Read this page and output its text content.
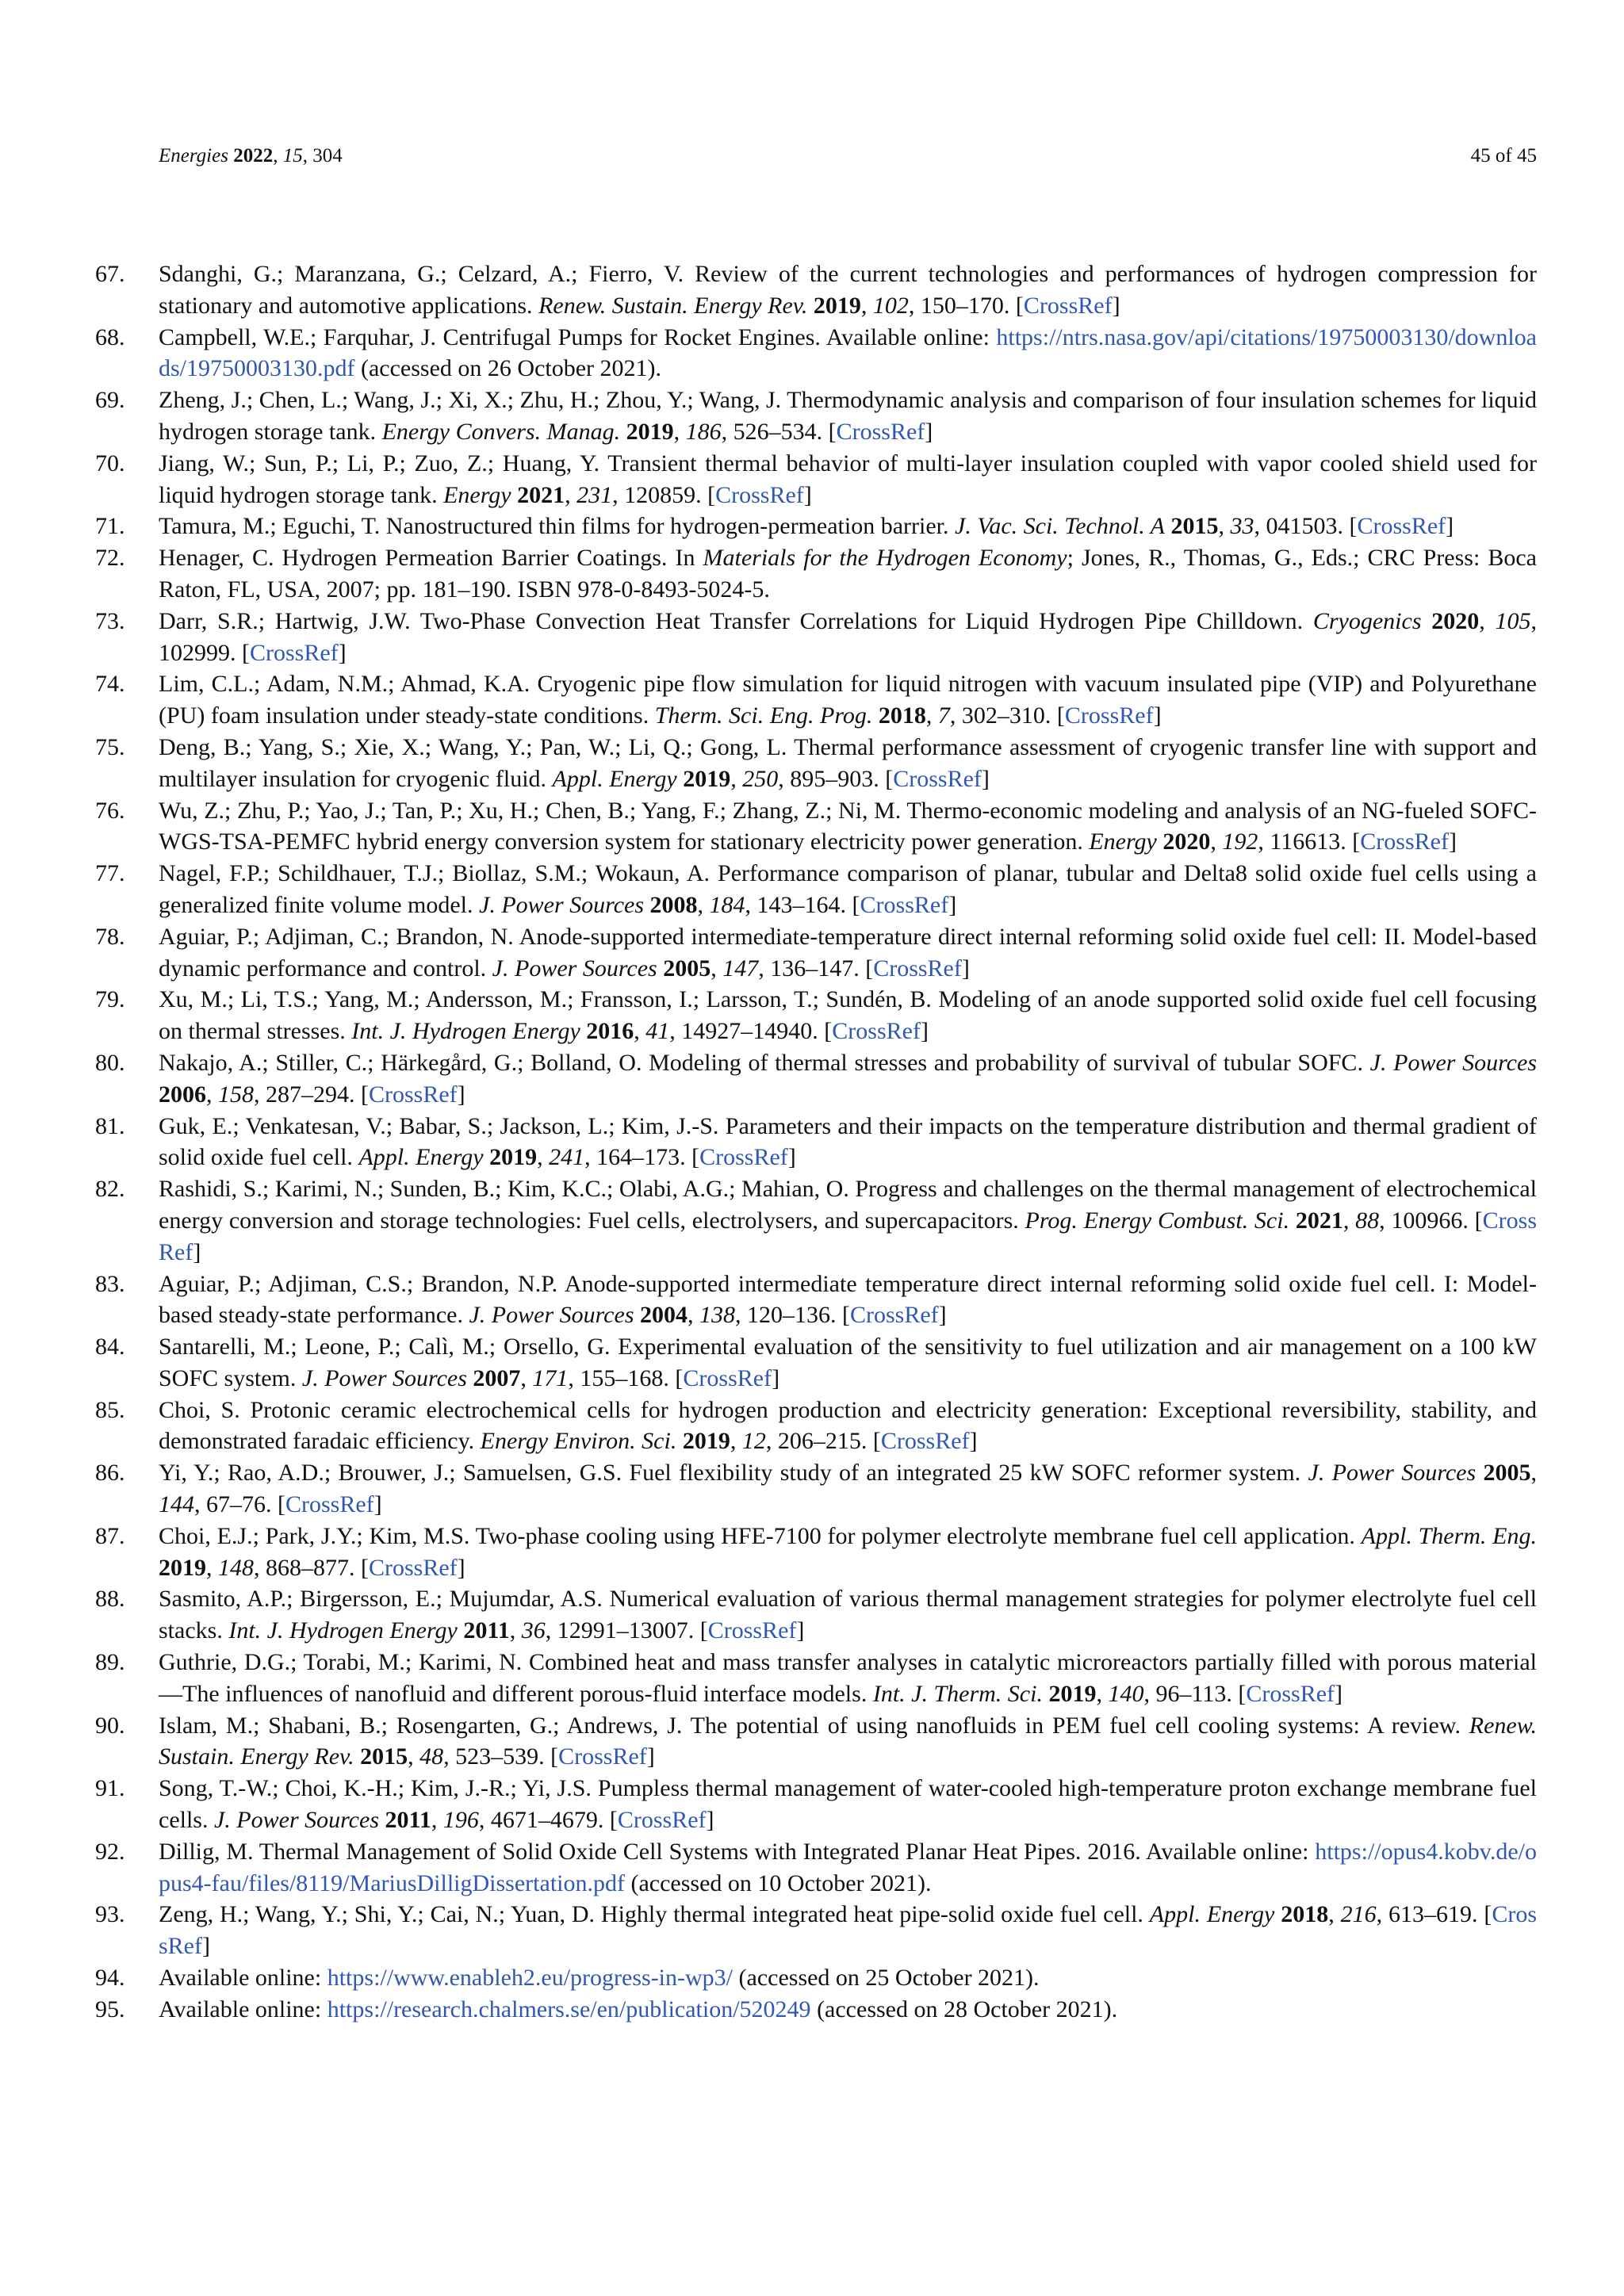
Energies 2022, 15, 304	45 of 45
67.	Sdanghi, G.; Maranzana, G.; Celzard, A.; Fierro, V. Review of the current technologies and performances of hydrogen compression for stationary and automotive applications. Renew. Sustain. Energy Rev. 2019, 102, 150–170. [CrossRef]
68.	Campbell, W.E.; Farquhar, J. Centrifugal Pumps for Rocket Engines. Available online: https://ntrs.nasa.gov/api/citations/19750003130/downloads/19750003130.pdf (accessed on 26 October 2021).
69.	Zheng, J.; Chen, L.; Wang, J.; Xi, X.; Zhu, H.; Zhou, Y.; Wang, J. Thermodynamic analysis and comparison of four insulation schemes for liquid hydrogen storage tank. Energy Convers. Manag. 2019, 186, 526–534. [CrossRef]
70.	Jiang, W.; Sun, P.; Li, P.; Zuo, Z.; Huang, Y. Transient thermal behavior of multi-layer insulation coupled with vapor cooled shield used for liquid hydrogen storage tank. Energy 2021, 231, 120859. [CrossRef]
71.	Tamura, M.; Eguchi, T. Nanostructured thin films for hydrogen-permeation barrier. J. Vac. Sci. Technol. A 2015, 33, 041503. [CrossRef]
72.	Henager, C. Hydrogen Permeation Barrier Coatings. In Materials for the Hydrogen Economy; Jones, R., Thomas, G., Eds.; CRC Press: Boca Raton, FL, USA, 2007; pp. 181–190. ISBN 978-0-8493-5024-5.
73.	Darr, S.R.; Hartwig, J.W. Two-Phase Convection Heat Transfer Correlations for Liquid Hydrogen Pipe Chilldown. Cryogenics 2020, 105, 102999. [CrossRef]
74.	Lim, C.L.; Adam, N.M.; Ahmad, K.A. Cryogenic pipe flow simulation for liquid nitrogen with vacuum insulated pipe (VIP) and Polyurethane (PU) foam insulation under steady-state conditions. Therm. Sci. Eng. Prog. 2018, 7, 302–310. [CrossRef]
75.	Deng, B.; Yang, S.; Xie, X.; Wang, Y.; Pan, W.; Li, Q.; Gong, L. Thermal performance assessment of cryogenic transfer line with support and multilayer insulation for cryogenic fluid. Appl. Energy 2019, 250, 895–903. [CrossRef]
76.	Wu, Z.; Zhu, P.; Yao, J.; Tan, P.; Xu, H.; Chen, B.; Yang, F.; Zhang, Z.; Ni, M. Thermo-economic modeling and analysis of an NG-fueled SOFC-WGS-TSA-PEMFC hybrid energy conversion system for stationary electricity power generation. Energy 2020, 192, 116613. [CrossRef]
77.	Nagel, F.P.; Schildhauer, T.J.; Biollaz, S.M.; Wokaun, A. Performance comparison of planar, tubular and Delta8 solid oxide fuel cells using a generalized finite volume model. J. Power Sources 2008, 184, 143–164. [CrossRef]
78.	Aguiar, P.; Adjiman, C.; Brandon, N. Anode-supported intermediate-temperature direct internal reforming solid oxide fuel cell: II. Model-based dynamic performance and control. J. Power Sources 2005, 147, 136–147. [CrossRef]
79.	Xu, M.; Li, T.S.; Yang, M.; Andersson, M.; Fransson, I.; Larsson, T.; Sundén, B. Modeling of an anode supported solid oxide fuel cell focusing on thermal stresses. Int. J. Hydrogen Energy 2016, 41, 14927–14940. [CrossRef]
80.	Nakajo, A.; Stiller, C.; Härkegård, G.; Bolland, O. Modeling of thermal stresses and probability of survival of tubular SOFC. J. Power Sources 2006, 158, 287–294. [CrossRef]
81.	Guk, E.; Venkatesan, V.; Babar, S.; Jackson, L.; Kim, J.-S. Parameters and their impacts on the temperature distribution and thermal gradient of solid oxide fuel cell. Appl. Energy 2019, 241, 164–173. [CrossRef]
82.	Rashidi, S.; Karimi, N.; Sunden, B.; Kim, K.C.; Olabi, A.G.; Mahian, O. Progress and challenges on the thermal management of electrochemical energy conversion and storage technologies: Fuel cells, electrolysers, and supercapacitors. Prog. Energy Combust. Sci. 2021, 88, 100966. [CrossRef]
83.	Aguiar, P.; Adjiman, C.S.; Brandon, N.P. Anode-supported intermediate temperature direct internal reforming solid oxide fuel cell. I: Model-based steady-state performance. J. Power Sources 2004, 138, 120–136. [CrossRef]
84.	Santarelli, M.; Leone, P.; Calì, M.; Orsello, G. Experimental evaluation of the sensitivity to fuel utilization and air management on a 100 kW SOFC system. J. Power Sources 2007, 171, 155–168. [CrossRef]
85.	Choi, S. Protonic ceramic electrochemical cells for hydrogen production and electricity generation: Exceptional reversibility, stability, and demonstrated faradaic efficiency. Energy Environ. Sci. 2019, 12, 206–215. [CrossRef]
86.	Yi, Y.; Rao, A.D.; Brouwer, J.; Samuelsen, G.S. Fuel flexibility study of an integrated 25 kW SOFC reformer system. J. Power Sources 2005, 144, 67–76. [CrossRef]
87.	Choi, E.J.; Park, J.Y.; Kim, M.S. Two-phase cooling using HFE-7100 for polymer electrolyte membrane fuel cell application. Appl. Therm. Eng. 2019, 148, 868–877. [CrossRef]
88.	Sasmito, A.P.; Birgersson, E.; Mujumdar, A.S. Numerical evaluation of various thermal management strategies for polymer electrolyte fuel cell stacks. Int. J. Hydrogen Energy 2011, 36, 12991–13007. [CrossRef]
89.	Guthrie, D.G.; Torabi, M.; Karimi, N. Combined heat and mass transfer analyses in catalytic microreactors partially filled with porous material—The influences of nanofluid and different porous-fluid interface models. Int. J. Therm. Sci. 2019, 140, 96–113. [CrossRef]
90.	Islam, M.; Shabani, B.; Rosengarten, G.; Andrews, J. The potential of using nanofluids in PEM fuel cell cooling systems: A review. Renew. Sustain. Energy Rev. 2015, 48, 523–539. [CrossRef]
91.	Song, T.-W.; Choi, K.-H.; Kim, J.-R.; Yi, J.S. Pumpless thermal management of water-cooled high-temperature proton exchange membrane fuel cells. J. Power Sources 2011, 196, 4671–4679. [CrossRef]
92.	Dillig, M. Thermal Management of Solid Oxide Cell Systems with Integrated Planar Heat Pipes. 2016. Available online: https://opus4.kobv.de/opus4-fau/files/8119/MariusDilligDissertation.pdf (accessed on 10 October 2021).
93.	Zeng, H.; Wang, Y.; Shi, Y.; Cai, N.; Yuan, D. Highly thermal integrated heat pipe-solid oxide fuel cell. Appl. Energy 2018, 216, 613–619. [CrossRef]
94.	Available online: https://www.enableh2.eu/progress-in-wp3/ (accessed on 25 October 2021).
95.	Available online: https://research.chalmers.se/en/publication/520249 (accessed on 28 October 2021).
